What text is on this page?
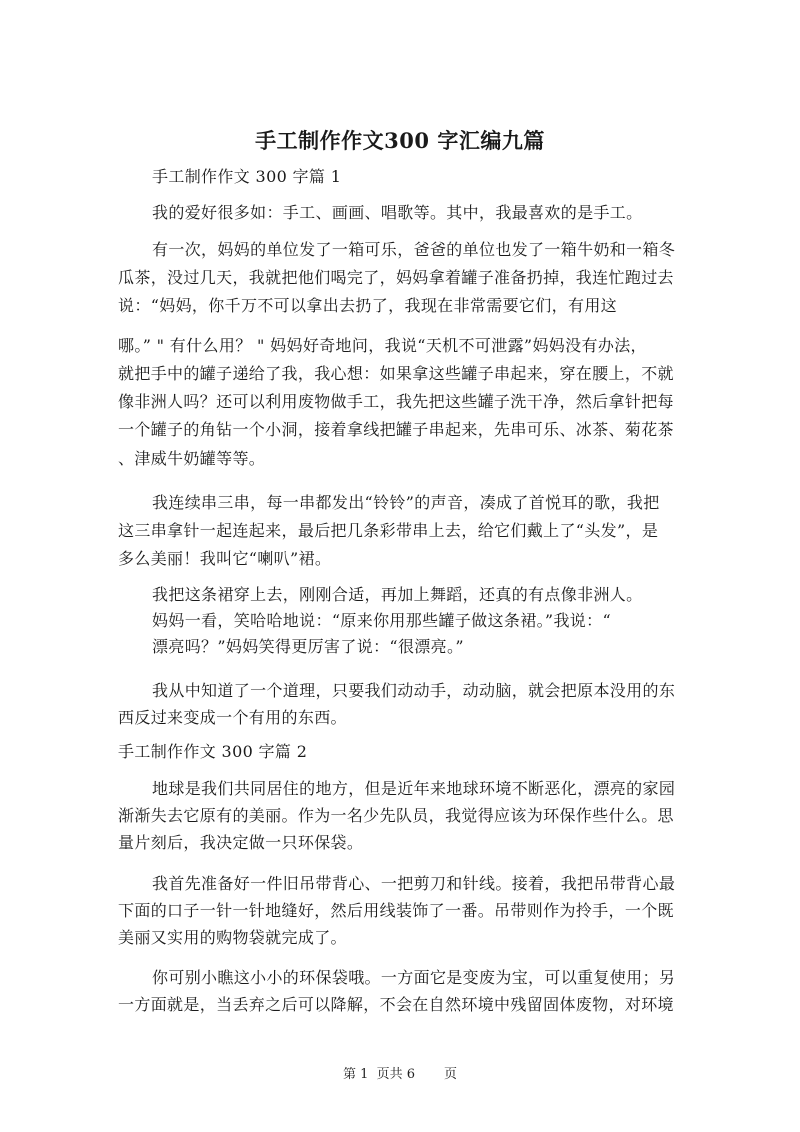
手工制作作文300 字汇编九篇

手工制作作文 300 字篇 1

我的爱好很多如：手工、画画、唱歌等。其中，我最喜欢的是手工。

有一次，妈妈的单位发了一箱可乐，爸爸的单位也发了一箱牛奶和一箱冬

瓜茶，没过几天，我就把他们喝完了，妈妈拿着罐子准备扔掉，我连忙跑过去

说：“妈妈，你千万不可以拿出去扔了，我现在非常需要它们，有用这

哪。” " 有什么用？ " 妈妈好奇地问，我说“天机不可泄露”妈妈没有办法，

就把手中的罐子递给了我，我心想：如果拿这些罐子串起来，穿在腰上，不就

像非洲人吗？还可以利用废物做手工，我先把这些罐子洗干净，然后拿针把每

一个罐子的角钻一个小洞，接着拿线把罐子串起来，先串可乐、冰茶、菊花茶

、津威牛奶罐等等。

我连续串三串，每一串都发出“铃铃”的声音，凑成了首悦耳的歌，我把

这三串拿针一起连起来，最后把几条彩带串上去，给它们戴上了“头发”，是

多么美丽！我叫它“喇叭”裙。

我把这条裙穿上去，刚刚合适，再加上舞蹈，还真的有点像非洲人。

妈妈一看，笑哈哈地说：“原来你用那些罐子做这条裙。”我说：“

漂亮吗？”妈妈笑得更厉害了说：“很漂亮。”

我从中知道了一个道理，只要我们动动手，动动脑，就会把原本没用的东

西反过来变成一个有用的东西。

手工制作作文 300 字篇 2

地球是我们共同居住的地方，但是近年来地球环境不断恶化，漂亮的家园

渐渐失去它原有的美丽。作为一名少先队员，我觉得应该为环保作些什么。思

量片刻后，我决定做一只环保袋。

我首先准备好一件旧吊带背心、一把剪刀和针线。接着，我把吊带背心最

下面的口子一针一针地缝好，然后用线装饰了一番。吊带则作为拎手，一个既

美丽又实用的购物袋就完成了。

你可别小瞧这小小的环保袋哦。一方面它是变废为宝，可以重复使用；另

一方面就是，当丢弃之后可以降解，不会在自然环境中残留固体废物，对环境

第 1  页共 6       页
